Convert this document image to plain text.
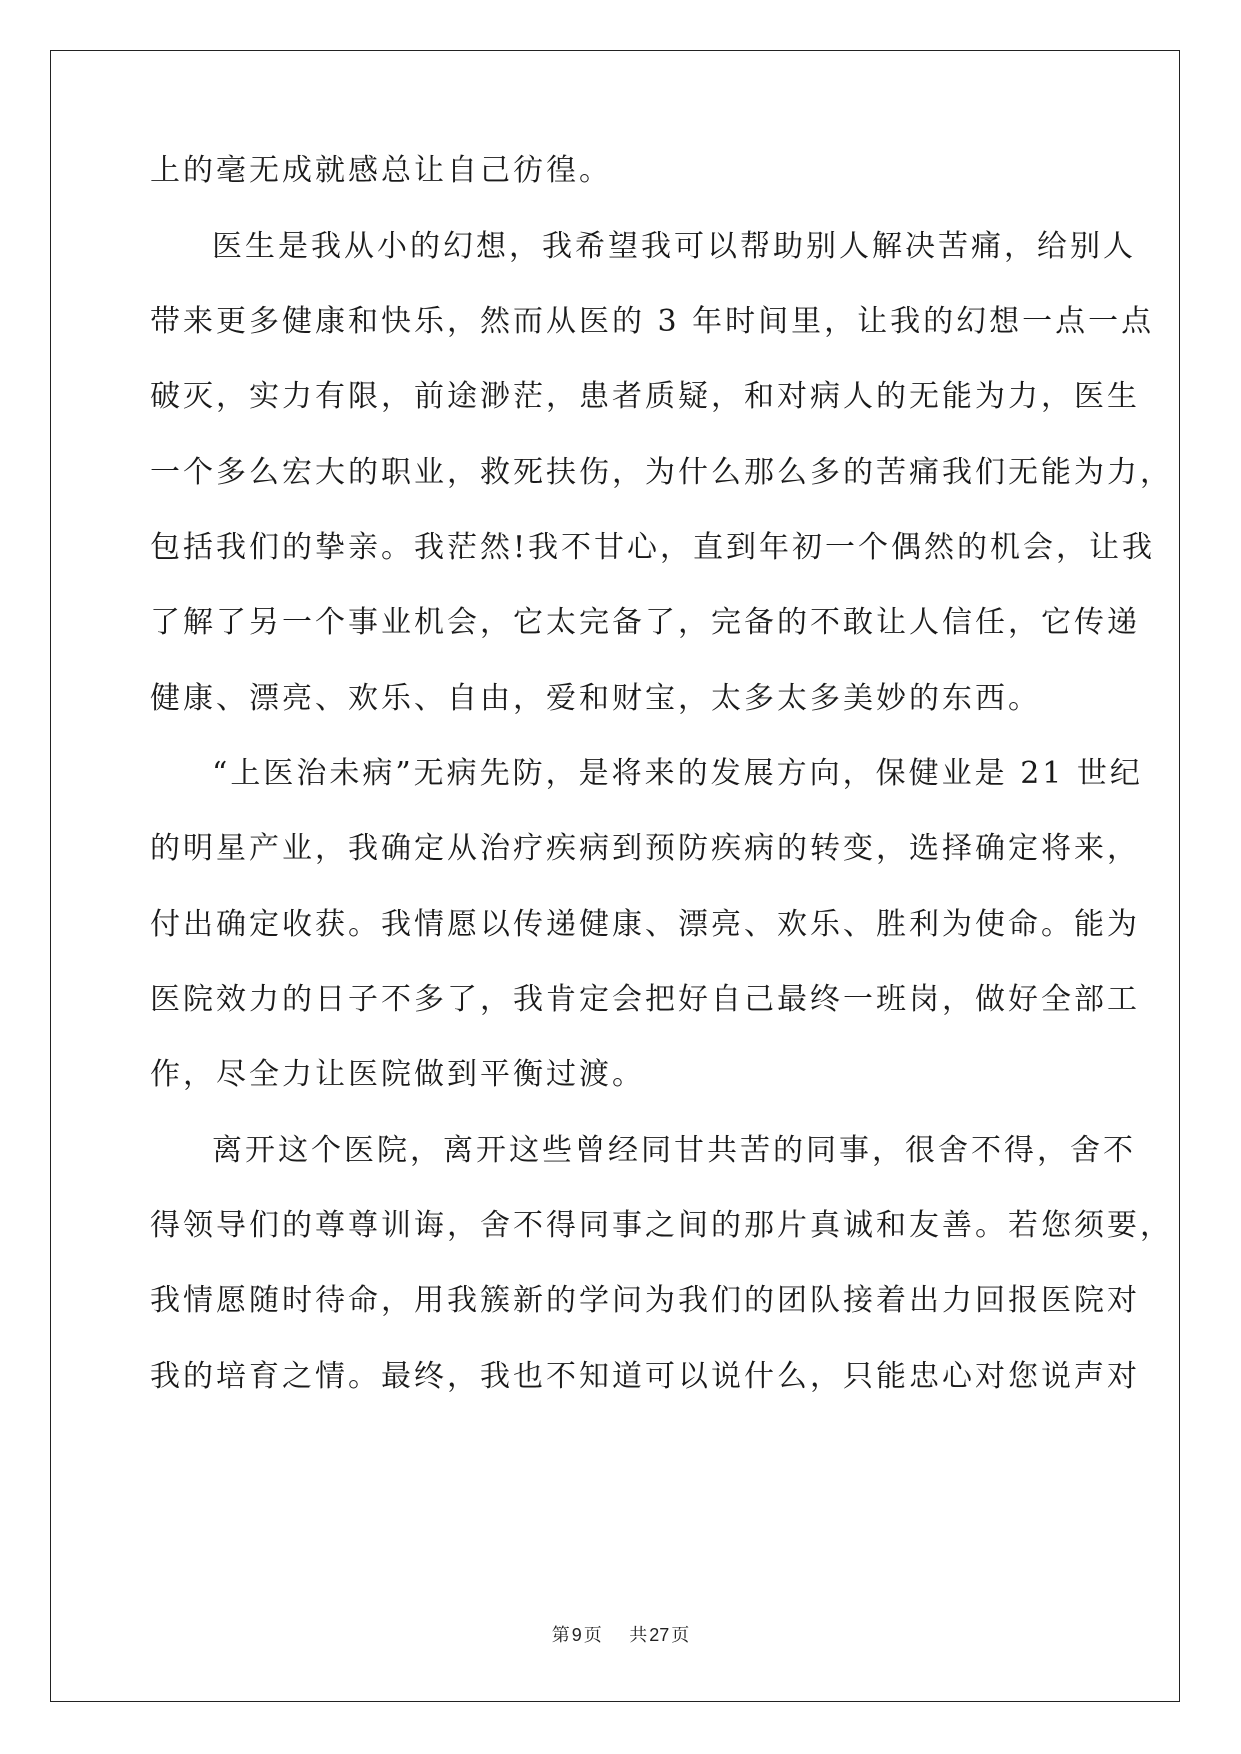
上的毫无成就感总让自己彷徨。
医生是我从小的幻想，我希望我可以帮助别人解决苦痛，给别人
带来更多健康和快乐，然而从医的 3 年时间里，让我的幻想一点一点
破灭，实力有限，前途渺茫，患者质疑，和对病人的无能为力，医生
一个多么宏大的职业，救死扶伤，为什么那么多的苦痛我们无能为力，
包括我们的挚亲。我茫然!我不甘心，直到年初一个偶然的机会，让我
了解了另一个事业机会，它太完备了，完备的不敢让人信任，它传递
健康、漂亮、欢乐、自由，爱和财宝，太多太多美妙的东西。
“上医治未病”无病先防，是将来的发展方向，保健业是 21 世纪
的明星产业，我确定从治疗疾病到预防疾病的转变，选择确定将来，
付出确定收获。我情愿以传递健康、漂亮、欢乐、胜利为使命。能为
医院效力的日子不多了，我肯定会把好自己最终一班岗，做好全部工
作，尽全力让医院做到平衡过渡。
离开这个医院，离开这些曾经同甘共苦的同事，很舍不得，舍不
得领导们的尊尊训诲，舍不得同事之间的那片真诚和友善。若您须要，
我情愿随时待命，用我簇新的学问为我们的团队接着出力回报医院对
我的培育之情。最终，我也不知道可以说什么，只能忠心对您说声对
第 9 页 共 27 页
